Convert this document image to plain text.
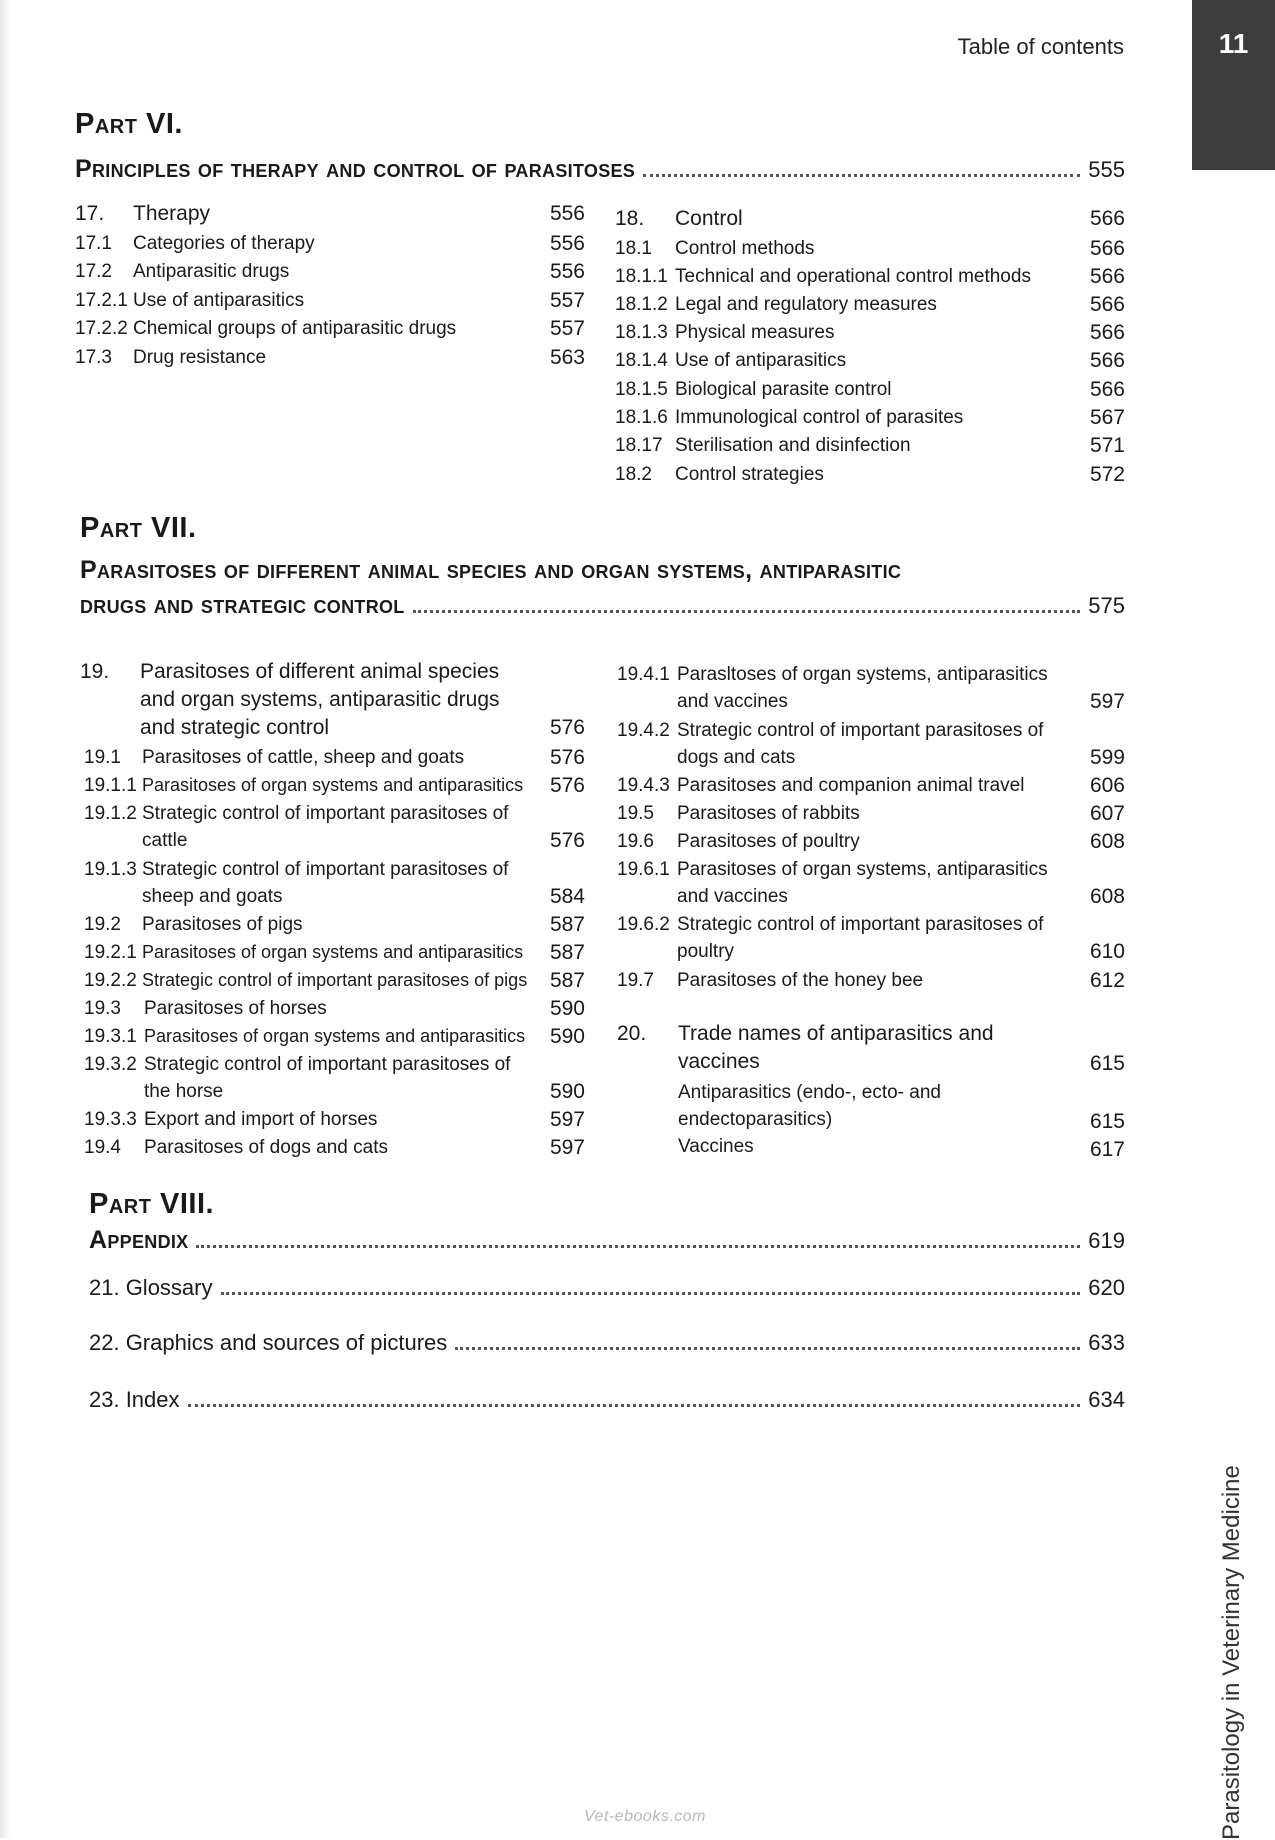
Table of contents	11
Part VI.
Principles of therapy and control of parasitoses	555
17. Therapy	556
17.1 Categories of therapy	556
17.2 Antiparasitic drugs	556
17.2.1 Use of antiparasitics	557
17.2.2 Chemical groups of antiparasitic drugs	557
17.3 Drug resistance	563
18. Control	566
18.1 Control methods	566
18.1.1 Technical and operational control methods	566
18.1.2 Legal and regulatory measures	566
18.1.3 Physical measures	566
18.1.4 Use of antiparasitics	566
18.1.5 Biological parasite control	566
18.1.6 Immunological control of parasites	567
18.17 Sterilisation and disinfection	571
18.2 Control strategies	572
Part VII.
Parasitoses of different animal species and organ systems, antiparasitic
drugs and strategic control	575
19. Parasitoses of different animal species
and organ systems, antiparasitic drugs
and strategic control	576
19.1 Parasitoses of cattle, sheep and goats	576
19.1.1 Parasitoses of organ systems and antiparasitics	576
19.1.2 Strategic control of important parasitoses of
cattle	576
19.1.3 Strategic control of important parasitoses of
sheep and goats	584
19.2 Parasitoses of pigs	587
19.2.1 Parasitoses of organ systems and antiparasitics	587
19.2.2 Strategic control of important parasitoses of pigs	587
19.3 Parasitoses of horses	590
19.3.1 Parasitoses of organ systems and antiparasitics	590
19.3.2 Strategic control of important parasitoses of
the horse	590
19.3.3 Export and import of horses	597
19.4 Parasitoses of dogs and cats	597
19.4.1 Parasltoses of organ systems, antiparasitics
and vaccines	597
19.4.2 Strategic control of important parasitoses of
dogs and cats	599
19.4.3 Parasitoses and companion animal travel	606
19.5 Parasitoses of rabbits	607
19.6 Parasitoses of poultry	608
19.6.1 Parasitoses of organ systems, antiparasitics
and vaccines	608
19.6.2 Strategic control of important parasitoses of
poultry	610
19.7 Parasitoses of the honey bee	612
20. Trade names of antiparasitics and
vaccines	615
Antiparasitics (endo-, ecto- and
endectoparasitics)	615
Vaccines	617
Part VIII.
Appendix	619
21. Glossary	620
22. Graphics and sources of pictures	633
23. Index	634
Parasitology in Veterinary Medicine
Vet-ebooks.com
